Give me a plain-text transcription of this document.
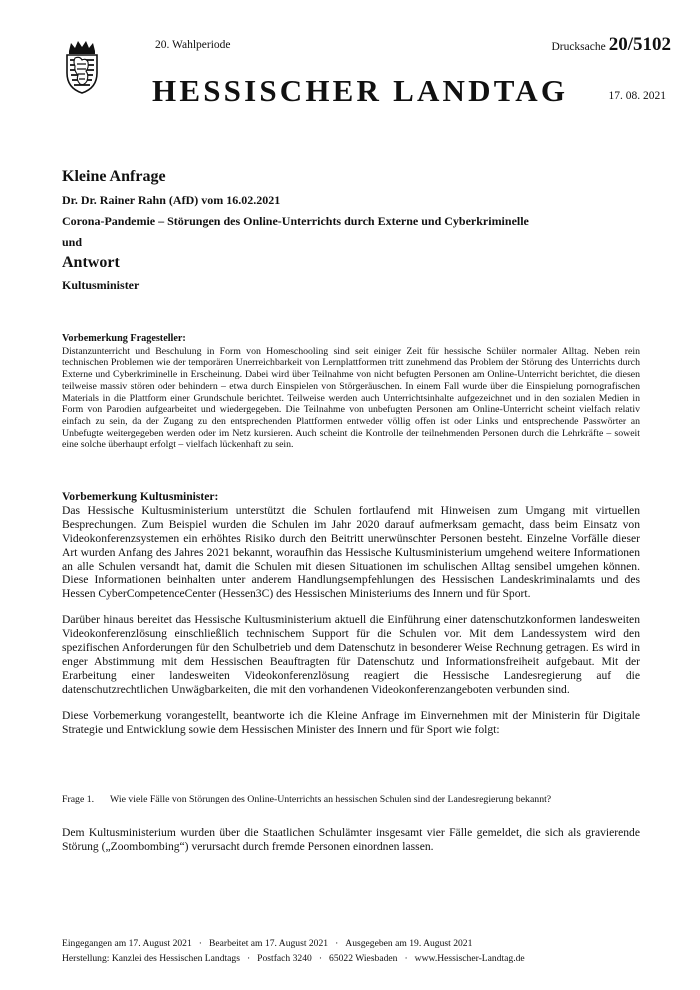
20. Wahlperiode	Drucksache 20/5102
HESSISCHER LANDTAG	17. 08. 2021
Kleine Anfrage
Dr. Dr. Rainer Rahn (AfD) vom 16.02.2021
Corona-Pandemie – Störungen des Online-Unterrichts durch Externe und Cyberkriminelle
und
Antwort
Kultusminister
Vorbemerkung Fragesteller:
Distanzunterricht und Beschulung in Form von Homeschooling sind seit einiger Zeit für hessische Schüler normaler Alltag. Neben rein technischen Problemen wie der temporären Unerreichbarkeit von Lernplattformen tritt zunehmend das Problem der Störung des Unterrichts durch Externe und Cyberkriminelle in Erscheinung. Dabei wird über Teilnahme von nicht befugten Personen am Online-Unterricht berichtet, die diesen teilweise massiv stören oder behindern – etwa durch Einspielen von Störgeräuschen. In einem Fall wurde über die Einspielung pornografischen Materials in die Plattform einer Grundschule berichtet. Teilweise werden auch Unterrichtsinhalte aufgezeichnet und in den sozialen Medien in Form von Parodien aufgearbeitet und wiedergegeben. Die Teilnahme von unbefugten Personen am Online-Unterricht scheint vielfach relativ einfach zu sein, da der Zugang zu den entsprechenden Plattformen entweder völlig offen ist oder Links und entsprechende Passwörter an Unbefugte weitergegeben werden oder im Netz kursieren. Auch scheint die Kontrolle der teilnehmenden Personen durch die Lehrkräfte – soweit eine solche überhaupt erfolgt – vielfach lückenhaft zu sein.
Vorbemerkung Kultusminister:

Das Hessische Kultusministerium unterstützt die Schulen fortlaufend mit Hinweisen zum Umgang mit virtuellen Besprechungen. Zum Beispiel wurden die Schulen im Jahr 2020 darauf aufmerksam gemacht, dass beim Einsatz von Videokonferenzsystemen ein erhöhtes Risiko durch den Beitritt unerwünschter Personen besteht. Einzelne Vorfälle dieser Art wurden Anfang des Jahres 2021 bekannt, woraufhin das Hessische Kultusministerium umgehend weitere Informationen an alle Schulen versandt hat, damit die Schulen mit diesen Situationen im schulischen Alltag sensibel umgehen können. Diese Informationen beinhalten unter anderem Handlungsempfehlungen des Hessischen Landeskriminalamts und des Hessen CyberCompetenceCenter (Hessen3C) des Hessischen Ministeriums des Innern und für Sport.

Darüber hinaus bereitet das Hessische Kultusministerium aktuell die Einführung einer datenschutzkonformen landesweiten Videokonferenzlösung einschließlich technischem Support für die Schulen vor. Mit dem Landessystem wird den spezifischen Anforderungen für den Schulbetrieb und dem Datenschutz in besonderer Weise Rechnung getragen. Es wird in enger Abstimmung mit dem Hessischen Beauftragten für Datenschutz und Informationsfreiheit aufgebaut. Mit der Erarbeitung einer landesweiten Videokonferenzlösung reagiert die Hessische Landesregierung auf die datenschutzrechtlichen Unwägbarkeiten, die mit den vorhandenen Videokonferenzangeboten verbunden sind.

Diese Vorbemerkung vorangestellt, beantworte ich die Kleine Anfrage im Einvernehmen mit der Ministerin für Digitale Strategie und Entwicklung sowie dem Hessischen Minister des Innern und für Sport wie folgt:

Frage 1. Wie viele Fälle von Störungen des Online-Unterrichts an hessischen Schulen sind der Landesregierung bekannt?
Dem Kultusministerium wurden über die Staatlichen Schulämter insgesamt vier Fälle gemeldet, die sich als gravierende Störung („Zoombombing“) verursacht durch fremde Personen einordnen lassen.
Eingegangen am 17. August 2021 · Bearbeitet am 17. August 2021 · Ausgegeben am 19. August 2021
Herstellung: Kanzlei des Hessischen Landtags · Postfach 3240 · 65022 Wiesbaden · www.Hessischer-Landtag.de
